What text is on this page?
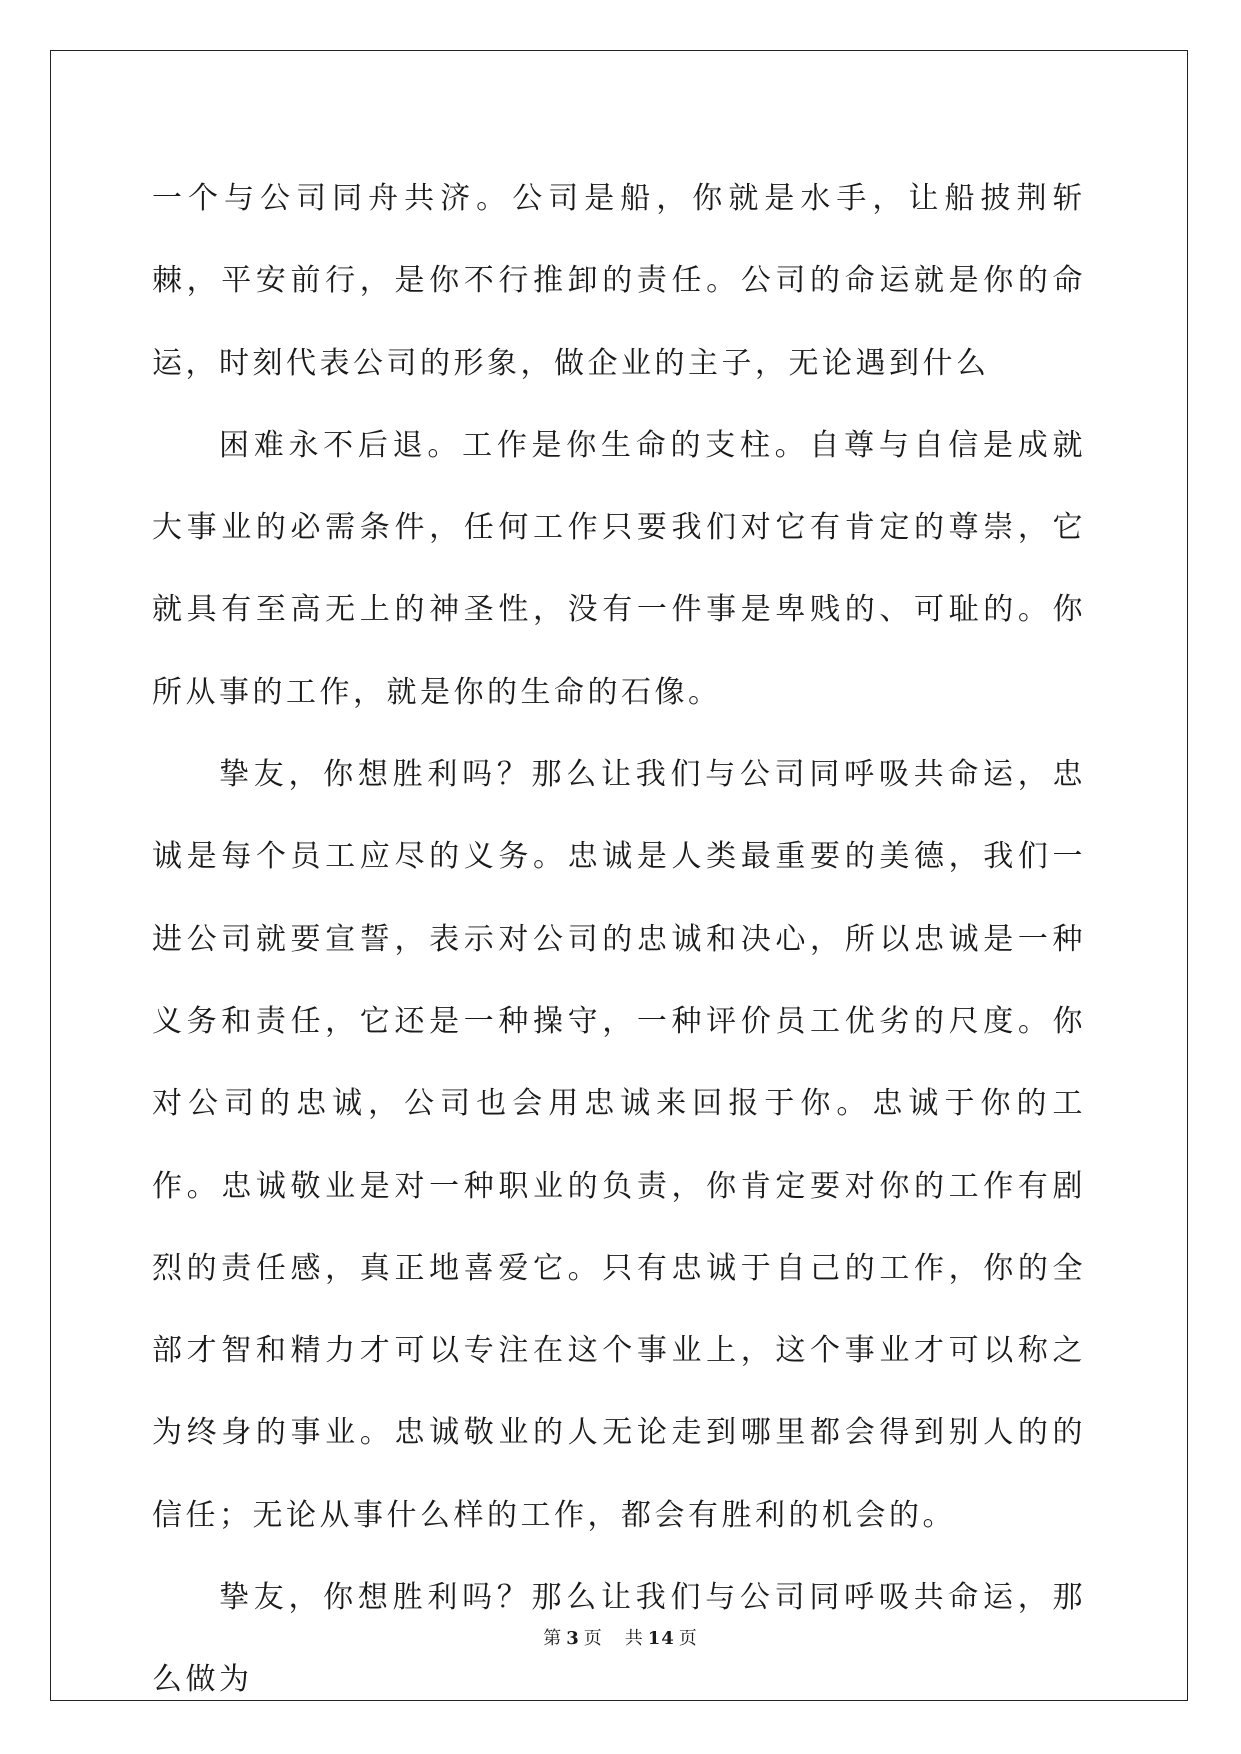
一个与公司同舟共济。公司是船，你就是水手，让船披荆斩棘，平安前行，是你不行推卸的责任。公司的命运就是你的命运，时刻代表公司的形象，做企业的主子，无论遇到什么

困难永不后退。工作是你生命的支柱。自尊与自信是成就大事业的必需条件，任何工作只要我们对它有肯定的尊崇，它就具有至高无上的神圣性，没有一件事是卑贱的、可耻的。你所从事的工作，就是你的生命的石像。

挚友，你想胜利吗？那么让我们与公司同呼吸共命运，忠诚是每个员工应尽的义务。忠诚是人类最重要的美德，我们一进公司就要宣誓，表示对公司的忠诚和决心，所以忠诚是一种义务和责任，它还是一种操守，一种评价员工优劣的尺度。你对公司的忠诚，公司也会用忠诚来回报于你。忠诚于你的工作。忠诚敬业是对一种职业的负责，你肯定要对你的工作有剧烈的责任感，真正地喜爱它。只有忠诚于自己的工作，你的全部才智和精力才可以专注在这个事业上，这个事业才可以称之为终身的事业。忠诚敬业的人无论走到哪里都会得到别人的的信任；无论从事什么样的工作，都会有胜利的机会的。

挚友，你想胜利吗？那么让我们与公司同呼吸共命运，那么做为

第 3 页 共 14 页
